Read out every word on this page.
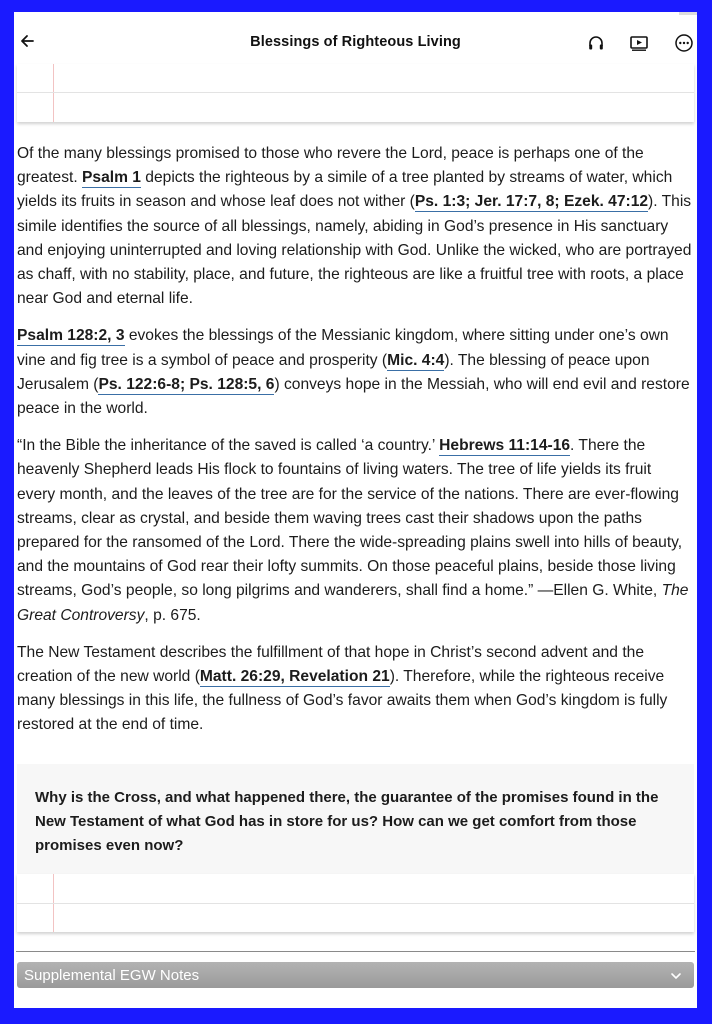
Blessings of Righteous Living

Of the many blessings promised to those who revere the Lord, peace is perhaps one of the greatest. Psalm 1 depicts the righteous by a simile of a tree planted by streams of water, which yields its fruits in season and whose leaf does not wither (Ps. 1:3; Jer. 17:7, 8; Ezek. 47:12). This simile identifies the source of all blessings, namely, abiding in God’s presence in His sanctuary and enjoying uninterrupted and loving relationship with God. Unlike the wicked, who are portrayed as chaff, with no stability, place, and future, the righteous are like a fruitful tree with roots, a place near God and eternal life.

Psalm 128:2, 3 evokes the blessings of the Messianic kingdom, where sitting under one’s own vine and fig tree is a symbol of peace and prosperity (Mic. 4:4). The blessing of peace upon Jerusalem (Ps. 122:6-8; Ps. 128:5, 6) conveys hope in the Messiah, who will end evil and restore peace in the world.

“In the Bible the inheritance of the saved is called ‘a country.’ Hebrews 11:14-16. There the heavenly Shepherd leads His flock to fountains of living waters. The tree of life yields its fruit every month, and the leaves of the tree are for the service of the nations. There are ever-flowing streams, clear as crystal, and beside them waving trees cast their shadows upon the paths prepared for the ransomed of the Lord. There the wide-spreading plains swell into hills of beauty, and the mountains of God rear their lofty summits. On those peaceful plains, beside those living streams, God’s people, so long pilgrims and wanderers, shall find a home.” —Ellen G. White, The Great Controversy, p. 675.

The New Testament describes the fulfillment of that hope in Christ’s second advent and the creation of the new world (Matt. 26:29, Revelation 21). Therefore, while the righteous receive many blessings in this life, the fullness of God’s favor awaits them when God’s kingdom is fully restored at the end of time.

Why is the Cross, and what happened there, the guarantee of the promises found in the New Testament of what God has in store for us? How can we get comfort from those promises even now?

Supplemental EGW Notes
